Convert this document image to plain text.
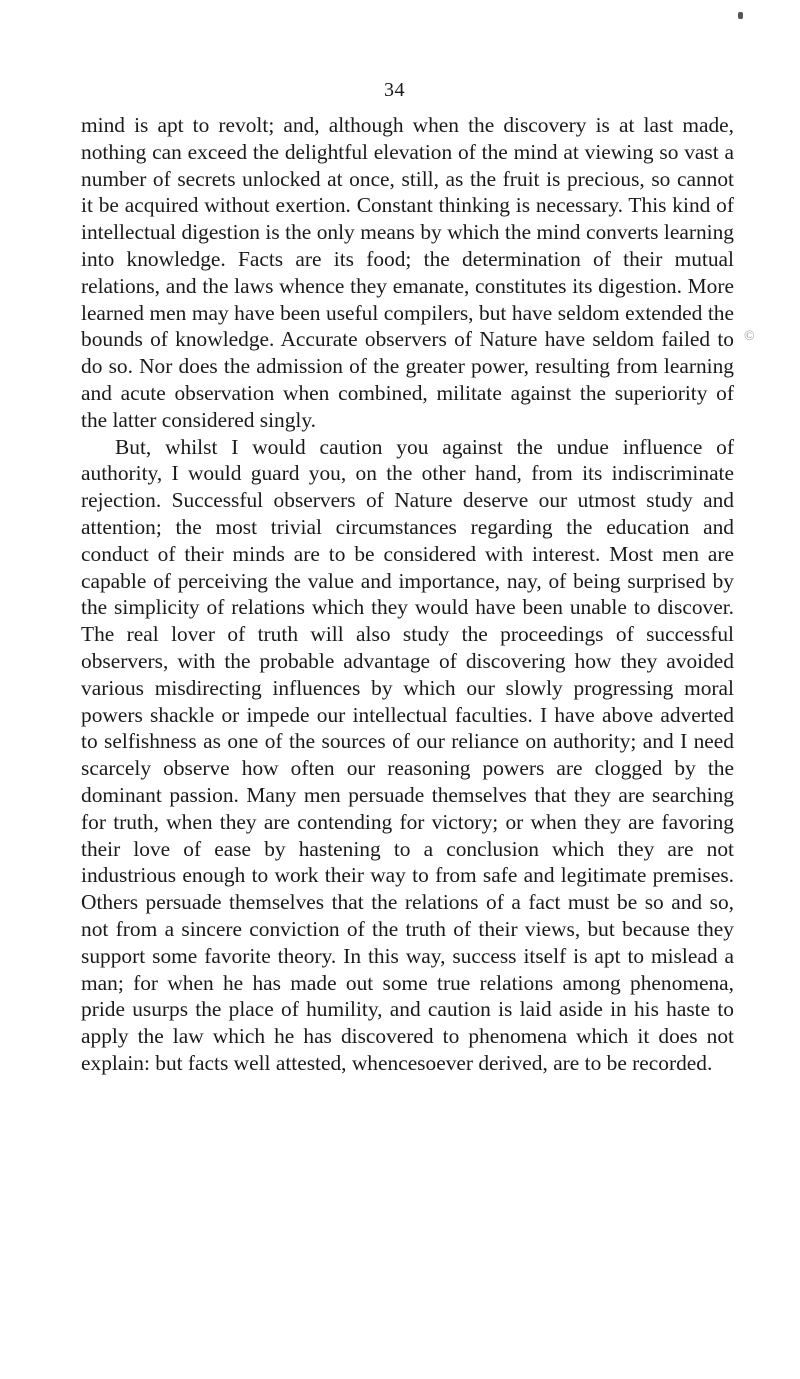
34
©

mind is apt to revolt; and, although when the discovery is at last made, nothing can exceed the delightful elevation of the mind at viewing so vast a number of secrets unlocked at once, still, as the fruit is precious, so cannot it be acquired without exertion. Constant thinking is necessary. This kind of intellectual digestion is the only means by which the mind converts learning into knowledge. Facts are its food; the determination of their mutual relations, and the laws whence they emanate, constitutes its digestion. More learned men may have been useful compilers, but have seldom extended the bounds of knowledge. Accurate observers of Nature have seldom failed to do so. Nor does the admission of the greater power, resulting from learning and acute observation when combined, militate against the superiority of the latter considered singly.

But, whilst I would caution you against the undue influence of authority, I would guard you, on the other hand, from its indiscriminate rejection. Successful observers of Nature deserve our utmost study and attention; the most trivial circumstances regarding the education and conduct of their minds are to be considered with interest. Most men are capable of perceiving the value and importance, nay, of being surprised by the simplicity of relations which they would have been unable to discover. The real lover of truth will also study the proceedings of successful observers, with the probable advantage of discovering how they avoided various misdirecting influences by which our slowly progressing moral powers shackle or impede our intellectual faculties. I have above adverted to selfishness as one of the sources of our reliance on authority; and I need scarcely observe how often our reasoning powers are clogged by the dominant passion. Many men persuade themselves that they are searching for truth, when they are contending for victory; or when they are favoring their love of ease by hastening to a conclusion which they are not industrious enough to work their way to from safe and legitimate premises. Others persuade themselves that the relations of a fact must be so and so, not from a sincere conviction of the truth of their views, but because they support some favorite theory. In this way, success itself is apt to mislead a man; for when he has made out some true relations among phenomena, pride usurps the place of humility, and caution is laid aside in his haste to apply the law which he has discovered to phenomena which it does not explain: but facts well attested, whencesoever derived, are to be recorded.
